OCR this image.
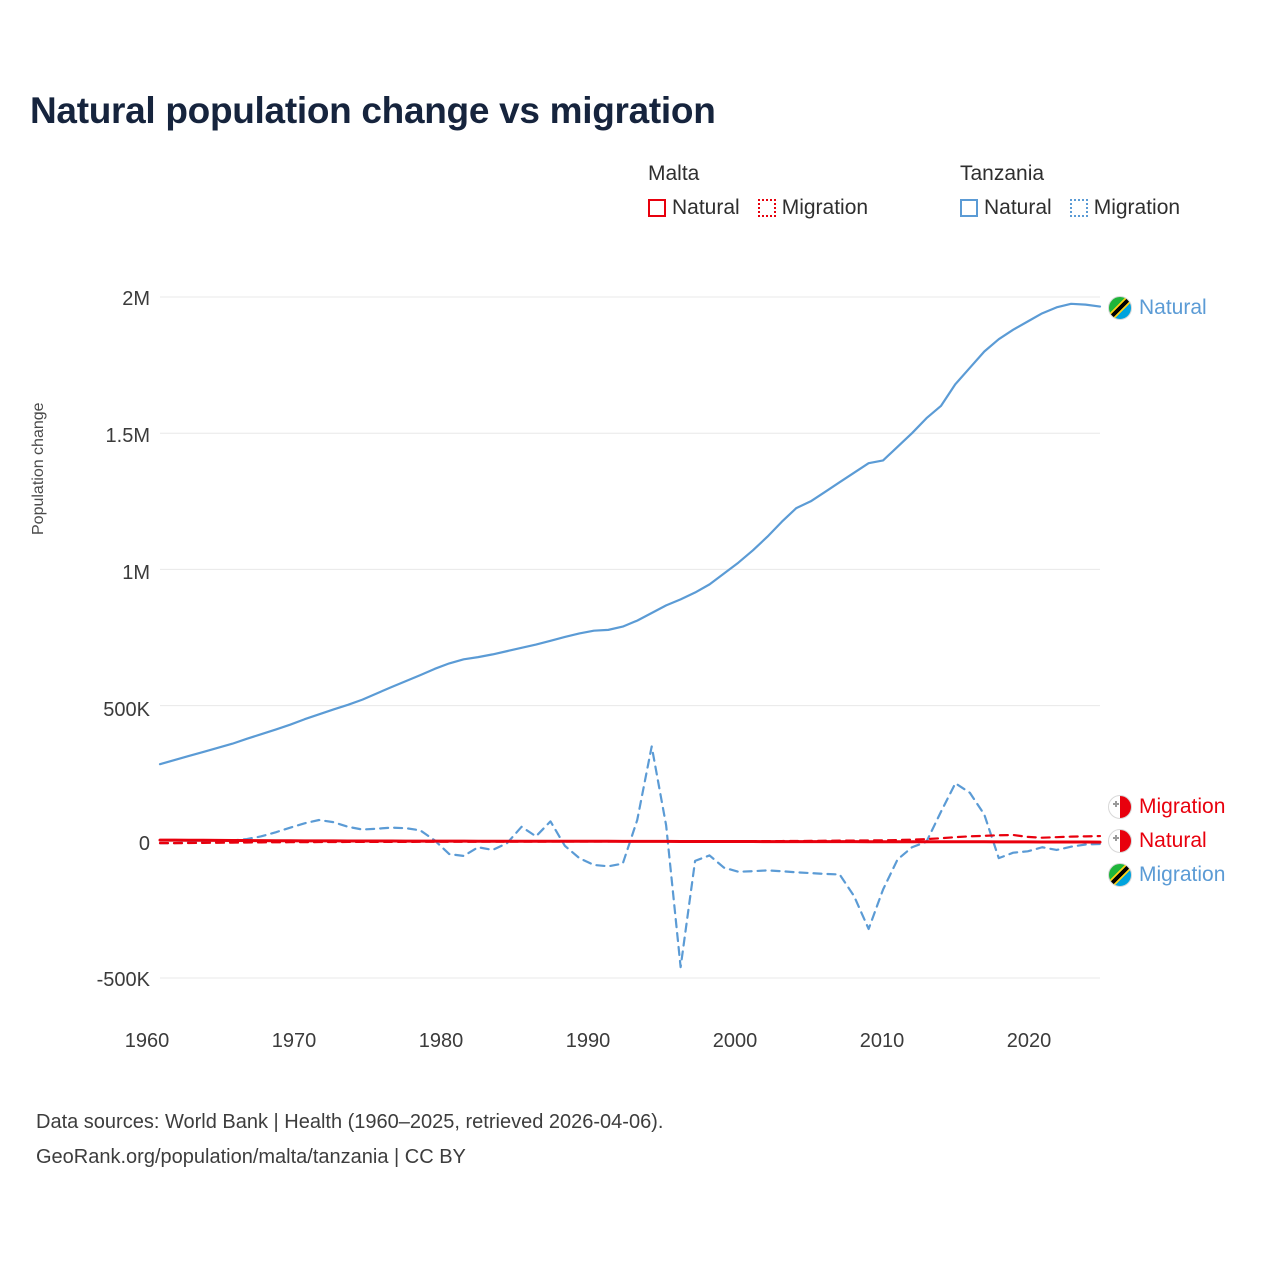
Natural population change vs migration
Malta
Natural Migration
Tanzania
Natural Migration
Population change
2M
1.5M
1M
500K
0
-500K
1960	1970	1980	1990	2000	2010	2020
Natural
Migration
Natural
Migration
Data sources: World Bank | Health (1960–2025, retrieved 2026-04-06).
GeoRank.org/population/malta/tanzania | CC BY
